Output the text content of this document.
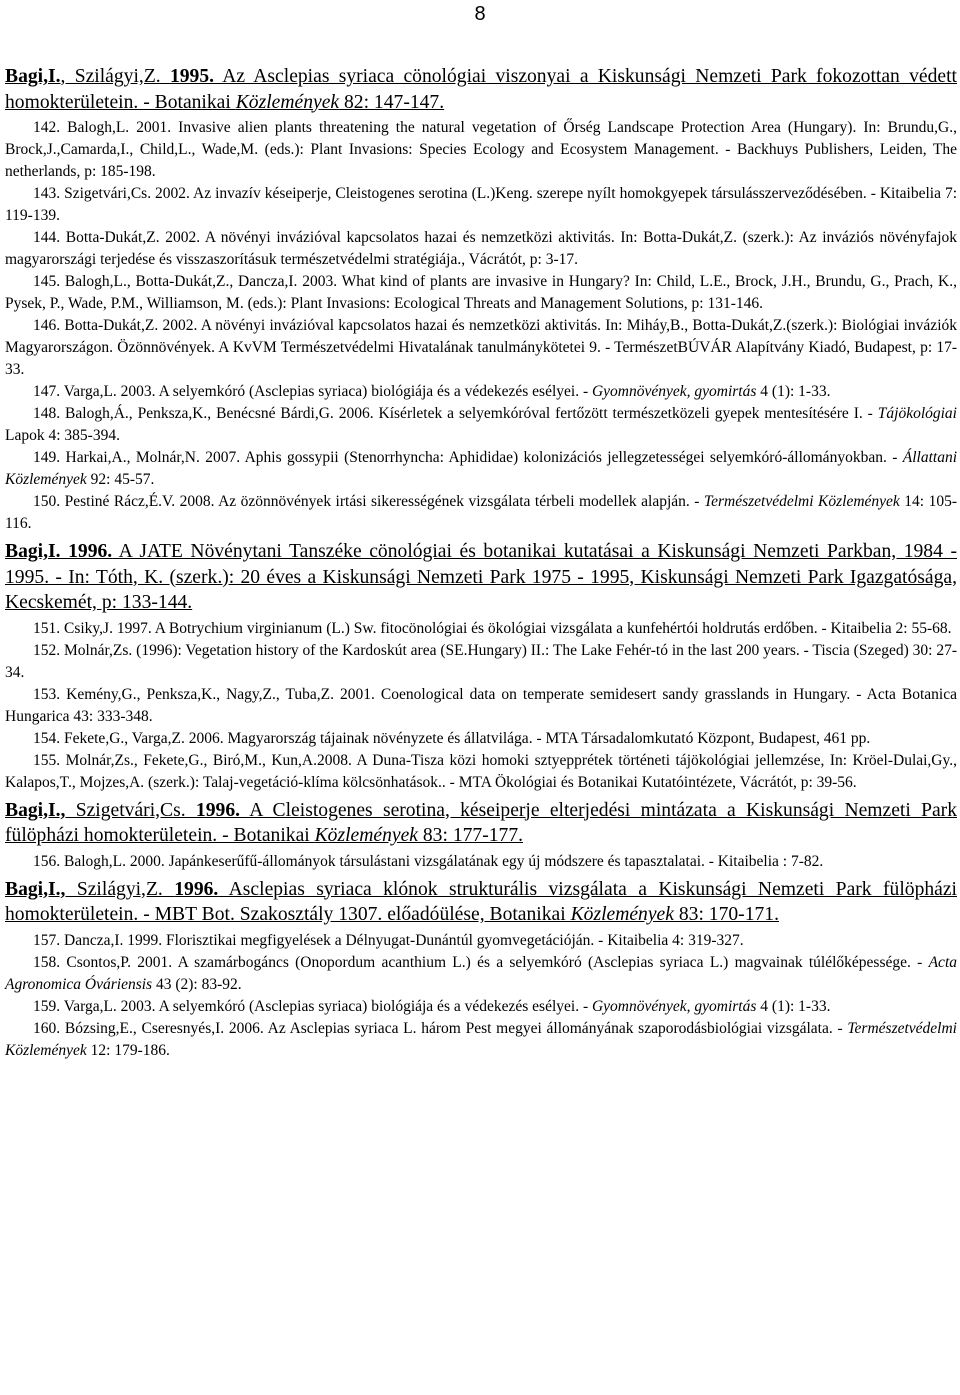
8

Bagi,I., Szilágyi,Z. 1995. Az Asclepias syriaca cönológiai viszonyai a Kiskunsági Nemzeti Park fokozottan védett homokterületein. - Botanikai Közlemények 82: 147-147.

142. Balogh,L. 2001. Invasive alien plants threatening the natural vegetation of Őrség Landscape Protection Area (Hungary). In: Brundu,G., Brock,J.,Camarda,I., Child,L., Wade,M. (eds.): Plant Invasions: Species Ecology and Ecosystem Management. - Backhuys Publishers, Leiden, The netherlands, p: 185-198.

143. Szigetvári,Cs. 2002. Az invazív késeiperje, Cleistogenes serotina (L.)Keng. szerepe nyílt homokgyepek társulásszerveződésében. - Kitaibelia 7: 119-139.

144. Botta-Dukát,Z. 2002. A növényi invázióval kapcsolatos hazai és nemzetközi aktivitás. In: Botta-Dukát,Z. (szerk.): Az inváziós növényfajok magyarországi terjedése és visszaszorításuk természetvédelmi stratégiája., Vácrátót, p: 3-17.

145. Balogh,L., Botta-Dukát,Z., Dancza,I. 2003. What kind of plants are invasive in Hungary? In: Child, L.E., Brock, J.H., Brundu, G., Prach, K., Pysek, P., Wade, P.M., Williamson, M. (eds.): Plant Invasions: Ecological Threats and Management Solutions, p: 131-146.

146. Botta-Dukát,Z. 2002. A növényi invázióval kapcsolatos hazai és nemzetközi aktivitás. In: Miháy,B., Botta-Dukát,Z.(szerk.): Biológiai inváziók Magyarországon. Özönnövények. A KvVM Természetvédelmi Hivatalának tanulmánykötetei 9. - TermészetBÚVÁR Alapítvány Kiadó, Budapest, p: 17-33.

147. Varga,L. 2003. A selyemkóró (Asclepias syriaca) biológiája és a védekezés esélyei. - Gyomnövények, gyomirtás 4 (1): 1-33.

148. Balogh,Á., Penksza,K., Benécsné Bárdi,G. 2006. Kísérletek a selyemkóróval fertőzött természetközeli gyepek mentesítésére I. - Tájökológiai Lapok 4: 385-394.

149. Harkai,A., Molnár,N. 2007. Aphis gossypii (Stenorrhyncha: Aphididae) kolonizációs jellegzetességei selyemkóró-állományokban. - Állattani Közlemények 92: 45-57.

150. Pestiné Rácz,É.V. 2008. Az özönnövények irtási sikerességének vizsgálata térbeli modellek alapján. - Természetvédelmi Közlemények 14: 105-116.

Bagi,I. 1996. A JATE Növénytani Tanszéke cönológiai és botanikai kutatásai a Kiskunsági Nemzeti Parkban, 1984 - 1995. - In: Tóth, K. (szerk.): 20 éves a Kiskunsági Nemzeti Park 1975 - 1995, Kiskunsági Nemzeti Park Igazgatósága, Kecskemét, p: 133-144.

151. Csiky,J. 1997. A Botrychium virginianum (L.) Sw. fitocönológiai és ökológiai vizsgálata a kunfehértói holdrutás erdőben. - Kitaibelia 2: 55-68.

152. Molnár,Zs. (1996): Vegetation history of the Kardoskút area (SE.Hungary) II.: The Lake Fehér-tó in the last 200 years. - Tiscia (Szeged) 30: 27-34.

153. Kemény,G., Penksza,K., Nagy,Z., Tuba,Z. 2001. Coenological data on temperate semidesert sandy grasslands in Hungary. - Acta Botanica Hungarica 43: 333-348.

154. Fekete,G., Varga,Z. 2006. Magyarország tájainak növényzete és állatvilága. - MTA Társadalomkutató Központ, Budapest, 461 pp.

155. Molnár,Zs., Fekete,G., Biró,M., Kun,A.2008. A Duna-Tisza közi homoki sztyepprétek történeti tájökológiai jellemzése, In: Kröel-Dulai,Gy., Kalapos,T., Mojzes,A. (szerk.): Talaj-vegetáció-klíma kölcsönhatások.. - MTA Ökológiai és Botanikai Kutatóintézete, Vácrátót, p: 39-56.

Bagi,I., Szigetvári,Cs. 1996. A Cleistogenes serotina, késeiperje elterjedési mintázata a Kiskunsági Nemzeti Park fülöpházi homokterületein. - Botanikai Közlemények 83: 177-177.

156. Balogh,L. 2000. Japánkeserűfű-állományok társulástani vizsgálatának egy új módszere és tapasztalatai. - Kitaibelia : 7-82.

Bagi,I., Szilágyi,Z. 1996. Asclepias syriaca klónok strukturális vizsgálata a Kiskunsági Nemzeti Park fülöpházi homokterületein. - MBT Bot. Szakosztály 1307. előadóülése, Botanikai Közlemények 83: 170-171.

157. Dancza,I. 1999. Florisztikai megfigyelések a Délnyugat-Dunántúl gyomvegetációján. - Kitaibelia 4: 319-327.

158. Csontos,P. 2001. A szamárbogáncs (Onopordum acanthium L.) és a selyemkóró (Asclepias syriaca L.) magvainak túlélőképessége. - Acta Agronomica Óváriensis 43 (2): 83-92.

159. Varga,L. 2003. A selyemkóró (Asclepias syriaca) biológiája és a védekezés esélyei. - Gyomnövények, gyomirtás 4 (1): 1-33.

160. Bózsing,E., Cseresnyés,I. 2006. Az Asclepias syriaca L. három Pest megyei állományának szaporodásbiológiai vizsgálata. - Természetvédelmi Közlemények 12: 179-186.
